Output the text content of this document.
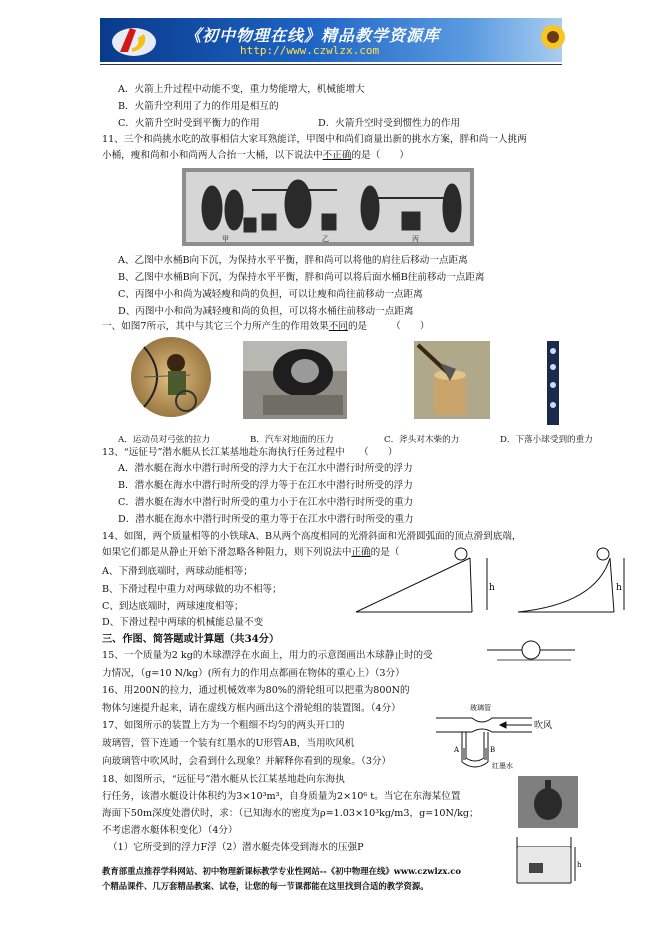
《初中物理在线》精品教学资源库
http://www.czwlzx.com
A．火箭上升过程中动能不变，重力势能增大，机械能增大
B．火箭升空利用了力的作用是相互的
C．火箭升空时受到平衡力的作用	D．火箭升空时受到惯性力的作用
11、三个和尚挑水吃的故事相信大家耳熟能详，甲图中和尚们商量出新的挑水方案，胖和尚一人挑两
小桶，瘦和尚和小和尚两人合抬一大桶，以下说法中不正确的是（　　）
甲	乙	丙
A、乙图中水桶B向下沉，为保持水平平衡，胖和尚可以将他的肩往后移动一点距离
B、乙图中水桶B向下沉，为保持水平平衡，胖和尚可以将后面水桶B往前移动一点距离
C、丙图中小和尚为减轻瘦和尚的负担，可以让瘦和尚往前移动一点距离
D、丙图中小和尚为减轻瘦和尚的负担，可以将水桶往前移动一点距离
一、如图7所示，其中与其它三个力所产生的作用效果不同的是　　　（　　）
A．运动员对弓弦的拉力	B．汽车对地面的压力	C．斧头对木柴的力	D．下落小球受到的重力
13、“远征号”潜水艇从长江某基地赴东海执行任务过程中　　（　　）
A．潜水艇在海水中潜行时所受的浮力大于在江水中潜行时所受的浮力
B．潜水艇在海水中潜行时所受的浮力等于在江水中潜行时所受的浮力
C．潜水艇在海水中潜行时所受的重力小于在江水中潜行时所受的重力
D．潜水艇在海水中潜行时所受的重力等于在江水中潜行时所受的重力
14、如图，两个质量相等的小铁球A、B从两个高度相同的光滑斜面和光滑圆弧面的顶点滑到底端，
如果它们都是从静止开始下滑忽略各种阻力，则下列说法中正确的是（
A、下滑到底端时，两球动能相等；
B、下滑过程中重力对两球做的功不相等；
C、到达底端时，两球速度相等；
D、下滑过程中两球的机械能总量不变
h	h
三、作图、简答题或计算题（共34分）
15、一个质量为2 kg的木球漂浮在水面上，用力的示意图画出木球静止时的受
力情况，（g=10 N/kg）(所有力的作用点都画在物体的重心上）（3分）
16、用200N的拉力，通过机械效率为80%的滑轮组可以把重为800N的
物体匀速提升起来，请在虚线方框内画出这个滑轮组的装置图。（4分）
17、如图所示的装置上方为一个粗细不均匀的两头开口的
玻璃管，管下连通一个装有红墨水的U形管AB，当用吹风机
向玻璃管中吹风时，会看到什么现象？并解释你看到的现象。（3分）
玻璃管
吹风
A	B
红墨水
18、如图所示，“远征号”潜水艇从长江某基地赴向东海执
行任务，该潜水艇设计体积约为3×10³m³，自身质量为2×10⁶ t。当它在东海某位置
海面下50m深度处潜伏时，求：（已知海水的密度为ρ=1.03×10³kg/m3，g=10N/kg；
不考虑潜水艇体积变化）（4分）
（1）它所受到的浮力F浮（2）潜水艇壳体受到海水的压强P
h
教育部重点推荐学科网站、初中物理新课标教学专业性网站--《初中物理在线》www.czwlzx.co
个精品课件、几万套精品教案、试卷，让您的每一节课都能在这里找到合适的教学资源。
